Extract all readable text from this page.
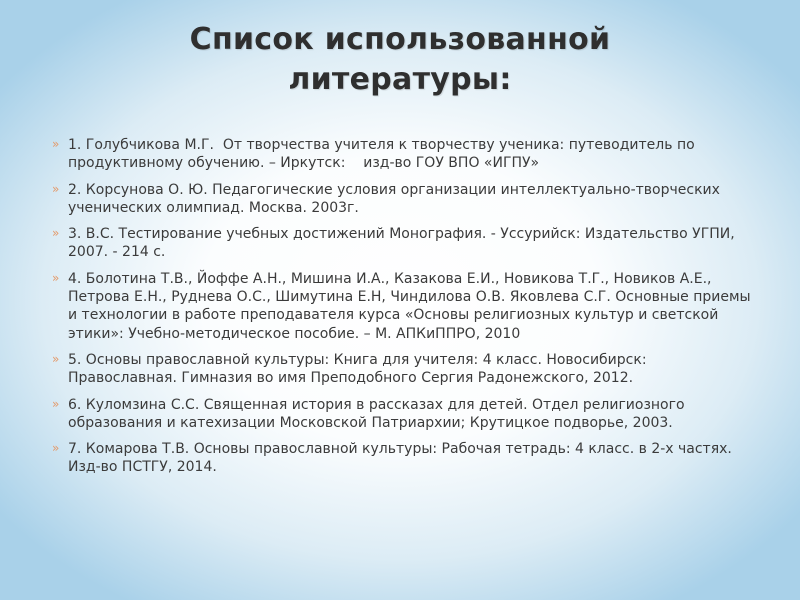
Список использованной
литературы:
» 1. Голубчикова М.Г.  От творчества учителя к творчеству ученика: путеводитель по продуктивному обучению. – Иркутск:    изд-во ГОУ ВПО «ИГПУ»
» 2. Корсунова О. Ю. Педагогические условия организации интеллектуально-творческих ученических олимпиад. Москва. 2003г.
» 3. В.С. Тестирование учебных достижений Монография. - Уссурийск: Издательство УГПИ, 2007. - 214 с.
» 4. Болотина Т.В., Йоффе А.Н., Мишина И.А., Казакова Е.И., Новикова Т.Г., Новиков А.Е., Петрова Е.Н., Руднева О.С., Шимутина Е.Н, Чиндилова О.В. Яковлева С.Г. Основные приемы и технологии в работе преподавателя курса «Основы религиозных культур и светской этики»: Учебно-методическое пособие. – М. АПКиППРО, 2010
» 5. Основы православной культуры: Книга для учителя: 4 класс. Новосибирск: Православная. Гимназия во имя Преподобного Сергия Радонежского, 2012.
» 6. Куломзина С.С. Священная история в рассказах для детей. Отдел религиозного образования и катехизации Московской Патриархии; Крутицкое подворье, 2003.
» 7. Комарова Т.В. Основы православной культуры: Рабочая тетрадь: 4 класс. в 2-х частях. Изд-во ПСТГУ, 2014.
